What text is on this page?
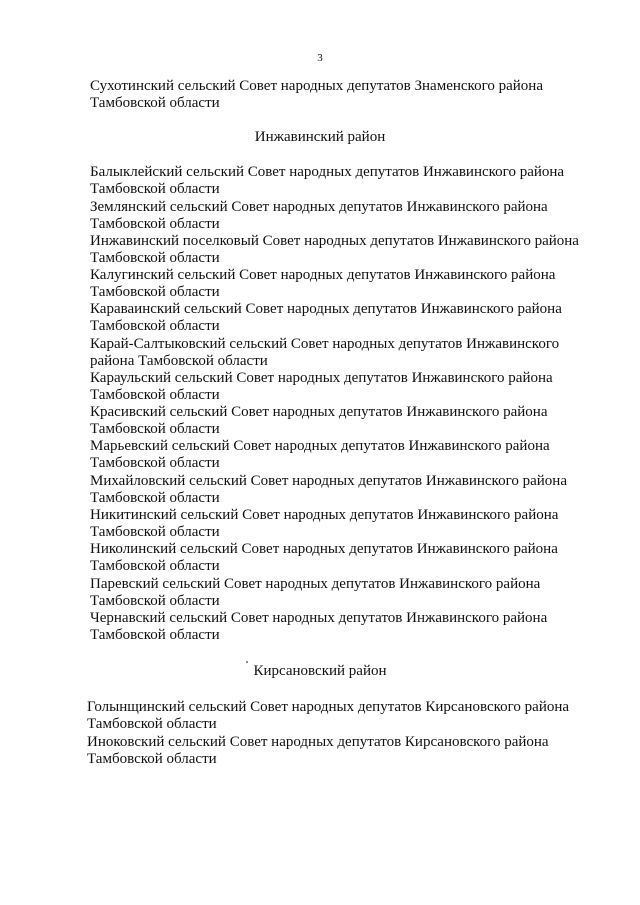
3
Сухотинский сельский Совет народных депутатов Знаменского района
Тамбовской области
Инжавинский район
Балыклейский сельский Совет народных депутатов Инжавинского района
Тамбовской области
Землянский сельский Совет народных депутатов Инжавинского района
Тамбовской области
Инжавинский поселковый Совет народных депутатов Инжавинского района
Тамбовской области
Калугинский сельский Совет народных депутатов Инжавинского района
Тамбовской области
Караваинский сельский Совет народных депутатов Инжавинского района
Тамбовской области
Карай-Салтыковский сельский Совет народных депутатов Инжавинского
района Тамбовской области
Караульский сельский Совет народных депутатов Инжавинского района
Тамбовской области
Красивский сельский Совет народных депутатов Инжавинского района
Тамбовской области
Марьевский сельский Совет народных депутатов Инжавинского района
Тамбовской области
Михайловский сельский Совет народных депутатов Инжавинского района
Тамбовской области
Никитинский сельский Совет народных депутатов Инжавинского района
Тамбовской области
Николинский сельский Совет народных депутатов Инжавинского района
Тамбовской области
Паревский сельский Совет народных депутатов Инжавинского района
Тамбовской области
Чернавский сельский Совет народных депутатов Инжавинского района
Тамбовской области
Кирсановский район
Голынщинский сельский Совет народных депутатов Кирсановского района
Тамбовской области
Иноковский сельский Совет народных депутатов Кирсановского района
Тамбовской области
